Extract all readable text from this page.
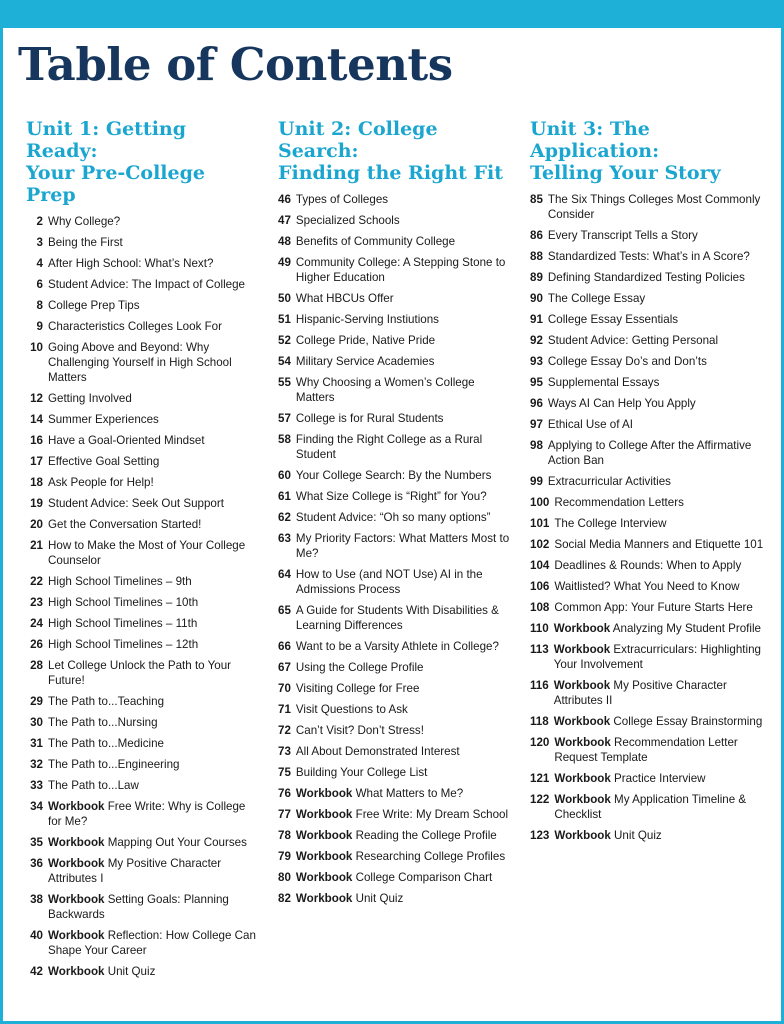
Table of Contents
Unit 1: Getting Ready:
Your Pre-College Prep
2 Why College?
3 Being the First
4 After High School: What’s Next?
6 Student Advice: The Impact of College
8 College Prep Tips
9 Characteristics Colleges Look For
10 Going Above and Beyond: Why Challenging Yourself in High School Matters
12 Getting Involved
14 Summer Experiences
16 Have a Goal-Oriented Mindset
17 Effective Goal Setting
18 Ask People for Help!
19 Student Advice: Seek Out Support
20 Get the Conversation Started!
21 How to Make the Most of Your College Counselor
22 High School Timelines – 9th
23 High School Timelines – 10th
24 High School Timelines – 11th
26 High School Timelines – 12th
28 Let College Unlock the Path to Your Future!
29 The Path to...Teaching
30 The Path to...Nursing
31 The Path to...Medicine
32 The Path to...Engineering
33 The Path to...Law
34 Workbook Free Write: Why is College for Me?
35 Workbook Mapping Out Your Courses
36 Workbook My Positive Character Attributes I
38 Workbook Setting Goals: Planning Backwards
40 Workbook Reflection: How College Can Shape Your Career
42 Workbook Unit Quiz
Unit 2: College Search:
Finding the Right Fit
46 Types of Colleges
47 Specialized Schools
48 Benefits of Community College
49 Community College: A Stepping Stone to Higher Education
50 What HBCUs Offer
51 Hispanic-Serving Instiutions
52 College Pride, Native Pride
54 Military Service Academies
55 Why Choosing a Women’s College Matters
57 College is for Rural Students
58 Finding the Right College as a Rural Student
60 Your College Search: By the Numbers
61 What Size College is “Right” for You?
62 Student Advice: “Oh so many options”
63 My Priority Factors: What Matters Most to Me?
64 How to Use (and NOT Use) AI in the Admissions Process
65 A Guide for Students With Disabilities & Learning Differences
66 Want to be a Varsity Athlete in College?
67 Using the College Profile
70 Visiting College for Free
71 Visit Questions to Ask
72 Can’t Visit? Don’t Stress!
73 All About Demonstrated Interest
75 Building Your College List
76 Workbook What Matters to Me?
77 Workbook Free Write: My Dream School
78 Workbook Reading the College Profile
79 Workbook Researching College Profiles
80 Workbook College Comparison Chart
82 Workbook Unit Quiz
Unit 3: The Application:
Telling Your Story
85 The Six Things Colleges Most Commonly Consider
86 Every Transcript Tells a Story
88 Standardized Tests: What’s in A Score?
89 Defining Standardized Testing Policies
90 The College Essay
91 College Essay Essentials
92 Student Advice: Getting Personal
93 College Essay Do’s and Don’ts
95 Supplemental Essays
96 Ways AI Can Help You Apply
97 Ethical Use of AI
98 Applying to College After the Affirmative Action Ban
99 Extracurricular Activities
100 Recommendation Letters
101 The College Interview
102 Social Media Manners and Etiquette 101
104 Deadlines & Rounds: When to Apply
106 Waitlisted? What You Need to Know
108 Common App: Your Future Starts Here
110 Workbook Analyzing My Student Profile
113 Workbook Extracurriculars: Highlighting Your Involvement
116 Workbook My Positive Character Attributes II
118 Workbook College Essay Brainstorming
120 Workbook Recommendation Letter Request Template
121 Workbook Practice Interview
122 Workbook My Application Timeline & Checklist
123 Workbook Unit Quiz
